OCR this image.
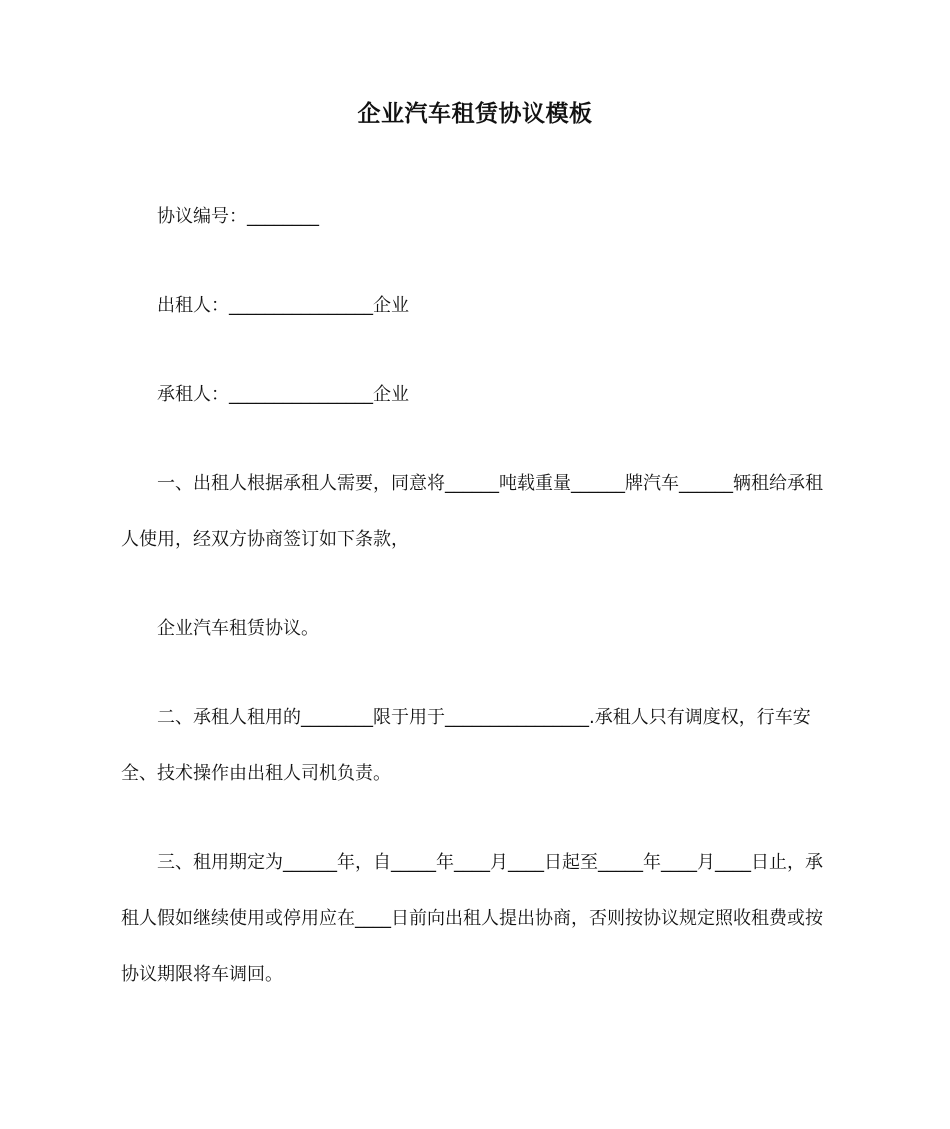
企业汽车租赁协议模板
协议编号：________
出租人：________________企业
承租人：________________企业
一、出租人根据承租人需要，同意将______吨载重量______牌汽车______辆租给承租人使用，经双方协商签订如下条款，
企业汽车租赁协议。
二、承租人租用的________限于用于________________.承租人只有调度权，行车安全、技术操作由出租人司机负责。
三、租用期定为______年，自_____年____月____日起至_____年____月____日止，承租人假如继续使用或停用应在____日前向出租人提出协商，否则按协议规定照收租费或按协议期限将车调回。
